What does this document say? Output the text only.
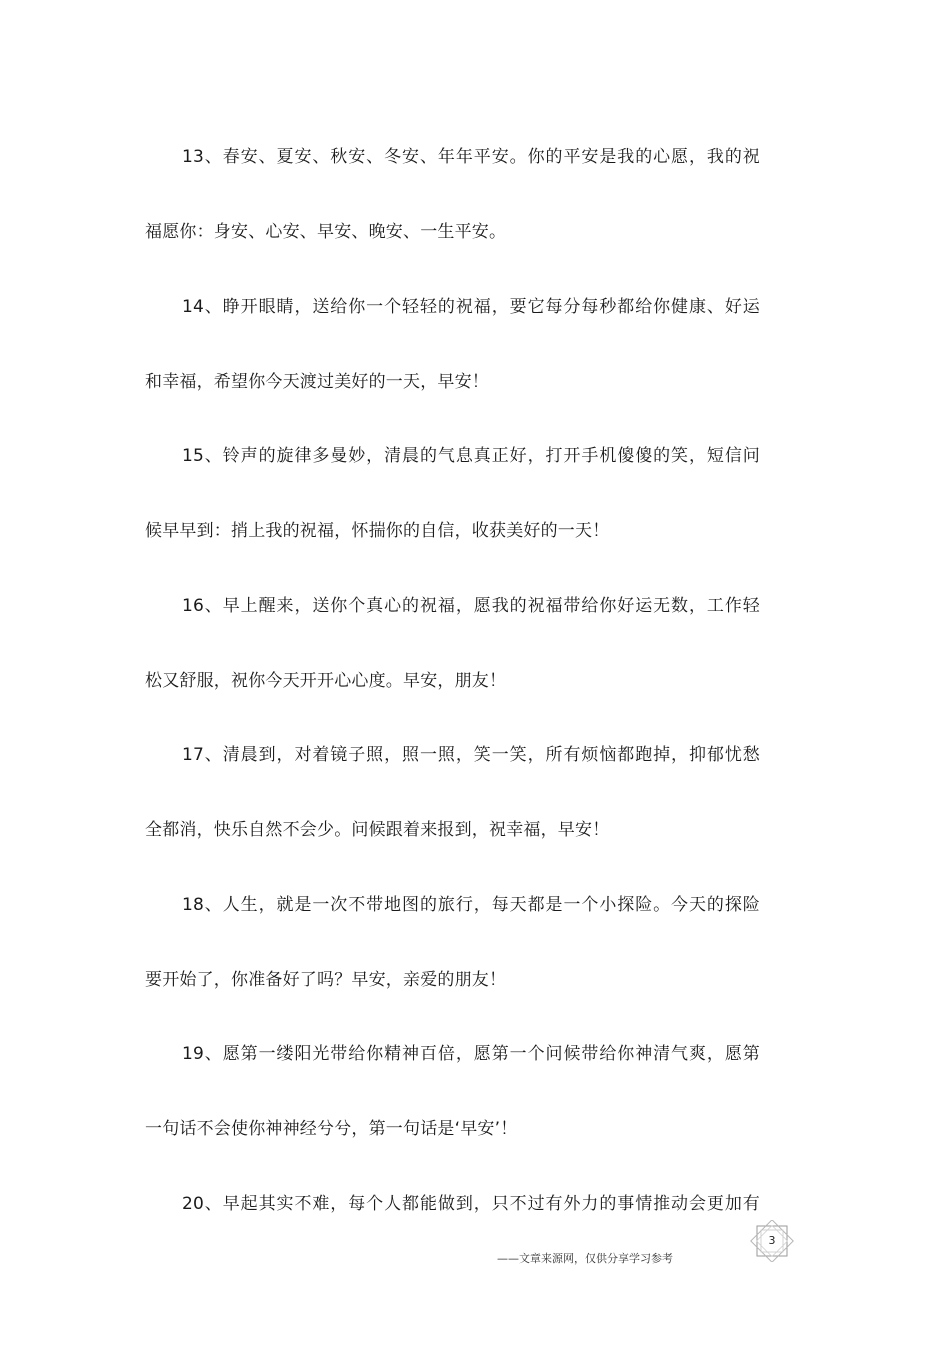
13、春安、夏安、秋安、冬安、年年平安。你的平安是我的心愿，我的祝
福愿你：身安、心安、早安、晚安、一生平安。
14、睁开眼睛，送给你一个轻轻的祝福，要它每分每秒都给你健康、好运
和幸福，希望你今天渡过美好的一天，早安！
15、铃声的旋律多曼妙，清晨的气息真正好，打开手机傻傻的笑，短信问
候早早到：捎上我的祝福，怀揣你的自信，收获美好的一天！
16、早上醒来，送你个真心的祝福，愿我的祝福带给你好运无数，工作轻
松又舒服，祝你今天开开心心度。早安，朋友！
17、清晨到，对着镜子照，照一照，笑一笑，所有烦恼都跑掉，抑郁忧愁
全都消，快乐自然不会少。问候跟着来报到，祝幸福，早安！
18、人生，就是一次不带地图的旅行，每天都是一个小探险。今天的探险
要开始了，你准备好了吗？早安，亲爱的朋友！
19、愿第一缕阳光带给你精神百倍，愿第一个问候带给你神清气爽，愿第
一句话不会使你神神经兮兮，第一句话是‘早安’！
20、早起其实不难，每个人都能做到，只不过有外力的事情推动会更加有
——文章来源网，仅供分享学习参考
3
